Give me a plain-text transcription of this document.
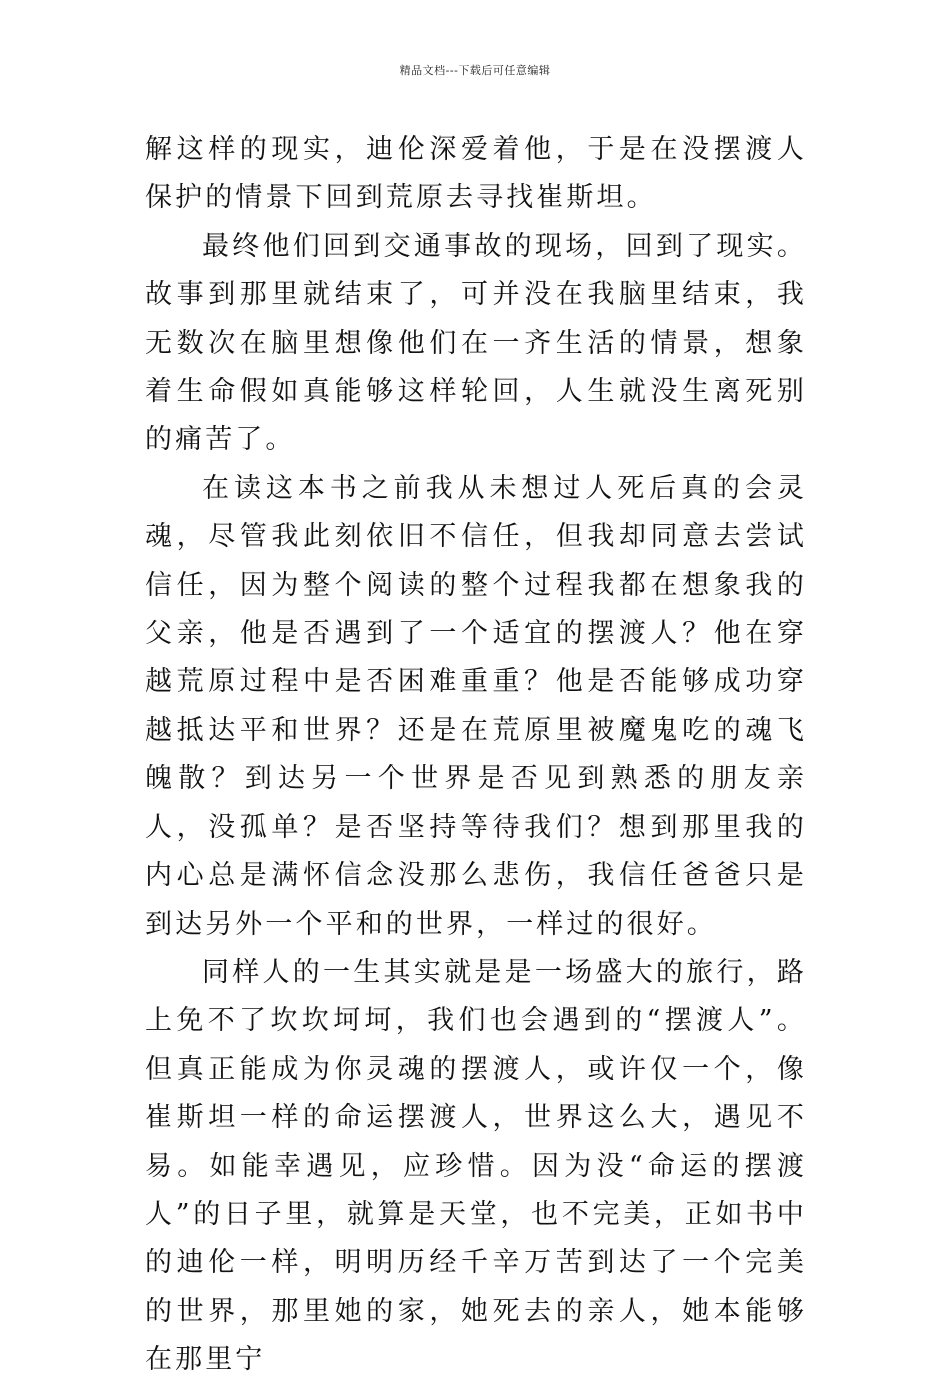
精品文档---下载后可任意编辑

解这样的现实，迪伦深爱着他，于是在没摆渡人保护的情景下回到荒原去寻找崔斯坦。

最终他们回到交通事故的现场，回到了现实。故事到那里就结束了，可并没在我脑里结束，我无数次在脑里想像他们在一齐生活的情景，想象着生命假如真能够这样轮回，人生就没生离死别的痛苦了。

在读这本书之前我从未想过人死后真的会灵魂，尽管我此刻依旧不信任，但我却同意去尝试信任，因为整个阅读的整个过程我都在想象我的父亲，他是否遇到了一个适宜的摆渡人？他在穿越荒原过程中是否困难重重？他是否能够成功穿越抵达平和世界？还是在荒原里被魔鬼吃的魂飞魄散？到达另一个世界是否见到熟悉的朋友亲人，没孤单？是否坚持等待我们？想到那里我的内心总是满怀信念没那么悲伤，我信任爸爸只是到达另外一个平和的世界，一样过的很好。

同样人的一生其实就是是一场盛大的旅行，路上免不了坎坎坷坷，我们也会遇到的“摆渡人”。但真正能成为你灵魂的摆渡人，或许仅一个，像崔斯坦一样的命运摆渡人，世界这么大，遇见不易。如能幸遇见，应珍惜。因为没“命运的摆渡人”的日子里，就算是天堂，也不完美，正如书中的迪伦一样，明明历经千辛万苦到达了一个完美的世界，那里她的家，她死去的亲人，她本能够在那里宁
